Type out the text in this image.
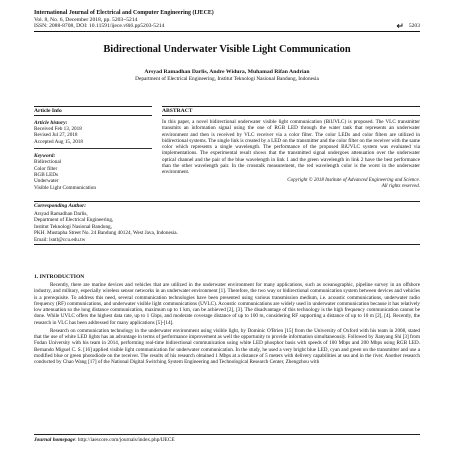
International Journal of Electrical and Computer Engineering (IJECE)
Vol. 8, No. 6, December 2018, pp. 5203~5214
ISSN: 2088-8708, DOI: 10.11591/ijece.v8i6.pp5203-5214	5203
Bidirectional Underwater Visible Light Communication
Arsyad Ramadhan Darlis, Andre Widura, Muhamad Rifan Andrian
Department of Electrical Engineering, Institut Teknologi Nasional Bandung, Indonesia
Article Info
Article history:
Received Feb 13, 2018
Revised Jul 27, 2018
Accepted Aug 15, 2018
Keyword:
Bidirectional
Color filter
RGB LEDs
Underwater
Visible Light Communication
ABSTRACT
In this paper, a novel bidirectional underwater visible light communication (BiUVLC) is proposed. The VLC transmitter transmits an information signal using the one of RGB LED through the water tank that represents an underwater environment and then is received by VLC receiver via a color filter. The color LEDs and color filters are utilized in bidirectional systems. The single link is created by a LED on the transmitter and the color filter on the receiver with the same color which represents a single wavelength. The performance of the proposed BiUVLC system was evaluated via implementations. The experimental result shows that the transmitted signal undergoes attenuation over the underwater optical channel and the pair of the blue wavelength in link 1 and the green wavelength in link 2 have the best performance than the other wavelength pair. In the crosstalk measurement, the red wavelength color is the worst in the underwater environment.
Copyright © 2018 Institute of Advanced Engineering and Science.
All rights reserved.
Corresponding Author:
Arsyad Ramadhan Darlis,
Department of Electrical Engineering,
Institut Teknologi Nasional Bandung,
PKH. Mustapha Street No. 24 Bandung 40124, West Java, Indonesia.
Email: lsntl@ccu.edu.tw
1. INTRODUCTION

Recently, there are marine devices and vehicles that are utilized in the underwater environment for many applications, such as oceanographic, pipeline survey in an offshore industry, and military, especially wireless sensor networks in an underwater environment [1]. Therefore, the two way or bidirectional communication system between devices and vehicles is a prerequisite. To address this need, several communication technologies have been presented using various transmission medium, i.e. acoustic communications, underwater radio frequency (RF) communications, and underwater visible light communications (UVLC). Acoustic communications are widely used in underwater communication because it has relatively low attenuation so the long distance communication, maximum up to 1 km, can be achieved [2], [3]. The disadvantage of this technology is the high frequency communication cannot be done. While UVLC offers the highest data rate, up to 1 Gbps, and moderate coverage distance of up to 100 m, considering RF supporting a distance of up to 10 m [2], [4]. Recently, the research in VLC has been addressed for many applications [5]-[14].

Research on communication technology in the underwater environment using visible light, by Dominic O'Brien [15] from the University of Oxford with his team in 2008, stated that the use of white LED lights has an advantage in terms of performance improvement as well the opportunity to provide information simultaneously. Followed by Jianyang Shi [3] from Fudan University with his team in 2014, performing real-time bidirectional communication using white LED phosphor basis with speeds of 100 Mbps and 200 Mbps using RGB LED. Bernando Miguel C. S. [16] applied visible light communication for underwater communication. In the study, he used a very bright blue LED, cyan and green on the transmitter and use a modified blue or green photodiode on the receiver. The results of his research obtained 1 Mbps at a distance of 5 meters with delivery capabilities at sea and in the river. Another research conducted by Chao Wang [17] of the National Digital Switching System Engineering and Technological Research Center, Zhengzhou with

Journal homepage: http://iaescore.com/journals/index.php/IJECE
